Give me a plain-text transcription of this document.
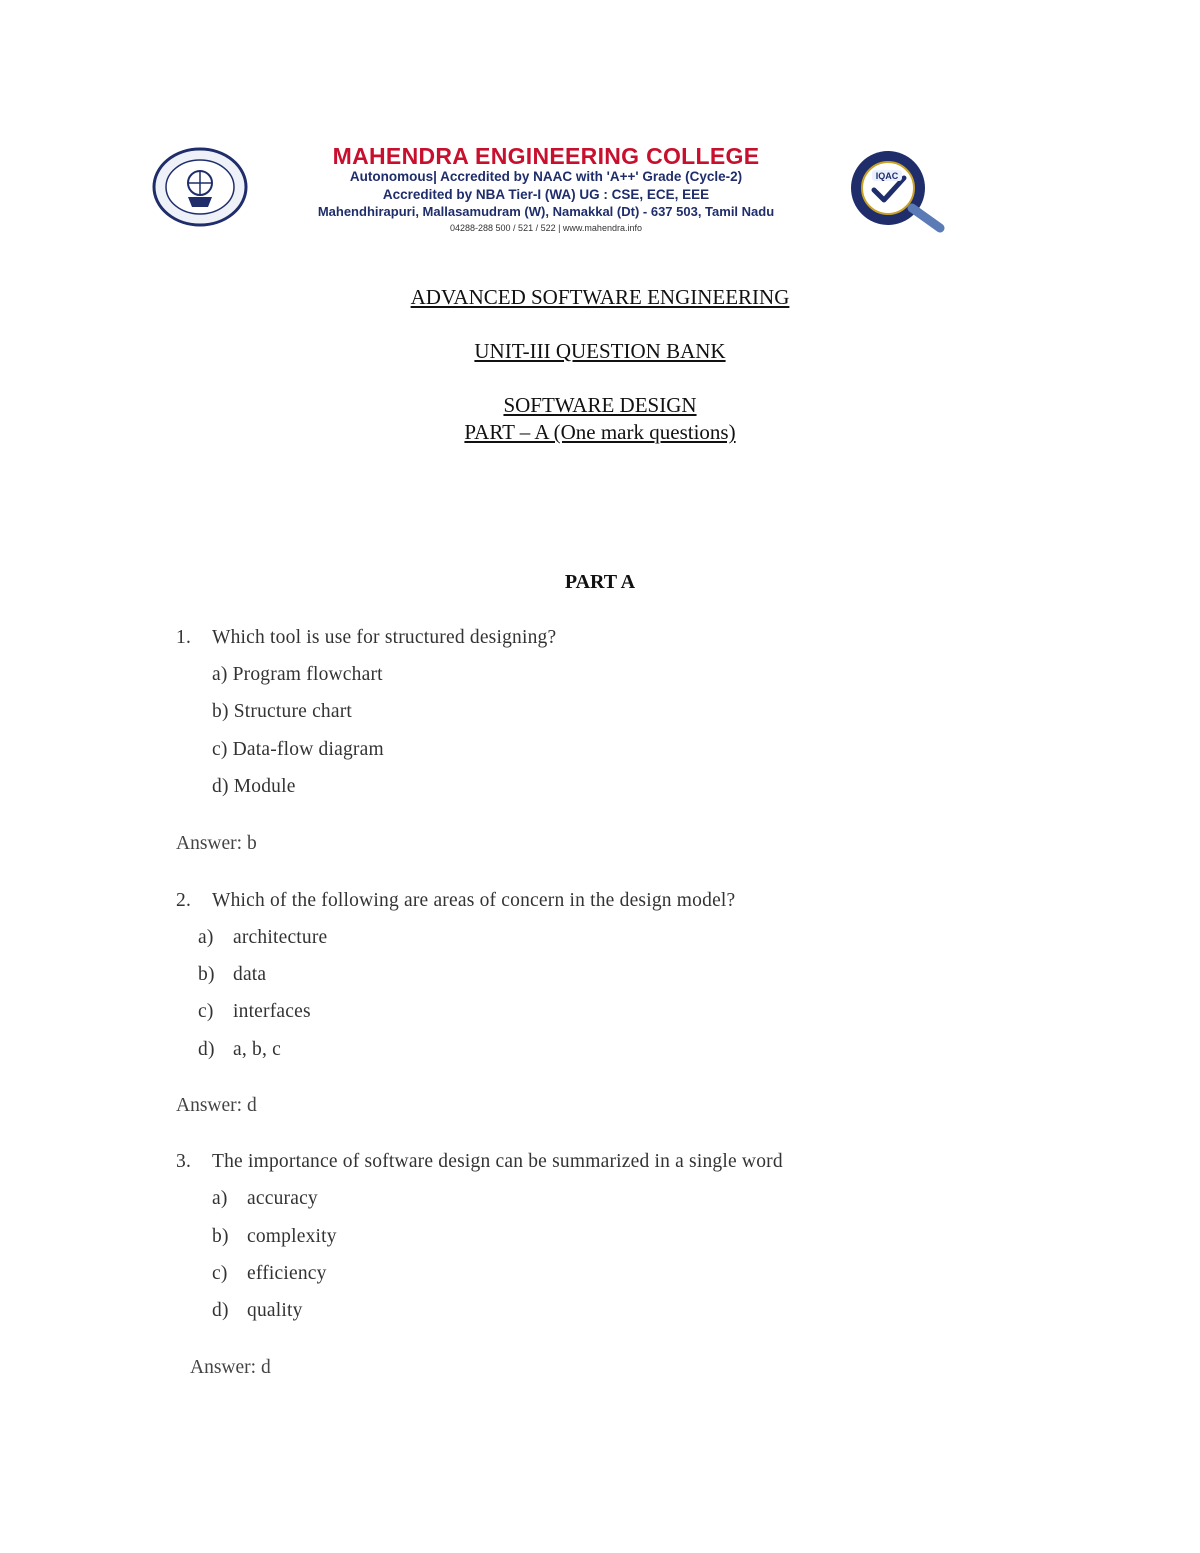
MAHENDRA ENGINEERING COLLEGE
Autonomous| Accredited by NAAC with 'A++' Grade (Cycle-2)
Accredited by NBA Tier-I (WA) UG : CSE, ECE, EEE
Mahendhirapuri, Mallasamudram (W), Namakkal (Dt) - 637 503, Tamil Nadu
04288-288 500 / 521 / 522 | www.mahendra.info
IQAC
ADVANCED SOFTWARE ENGINEERING
UNIT-III QUESTION BANK
SOFTWARE DESIGN
PART – A (One mark questions)
PART A
1. Which tool is use for structured designing?
a) Program flowchart
b) Structure chart
c) Data-flow diagram
d) Module
Answer: b
2. Which of the following are areas of concern in the design model?
a) architecture
b) data
c) interfaces
d) a, b, c
Answer: d
3. The importance of software design can be summarized in a single word
a) accuracy
b) complexity
c) efficiency
d) quality
Answer: d
